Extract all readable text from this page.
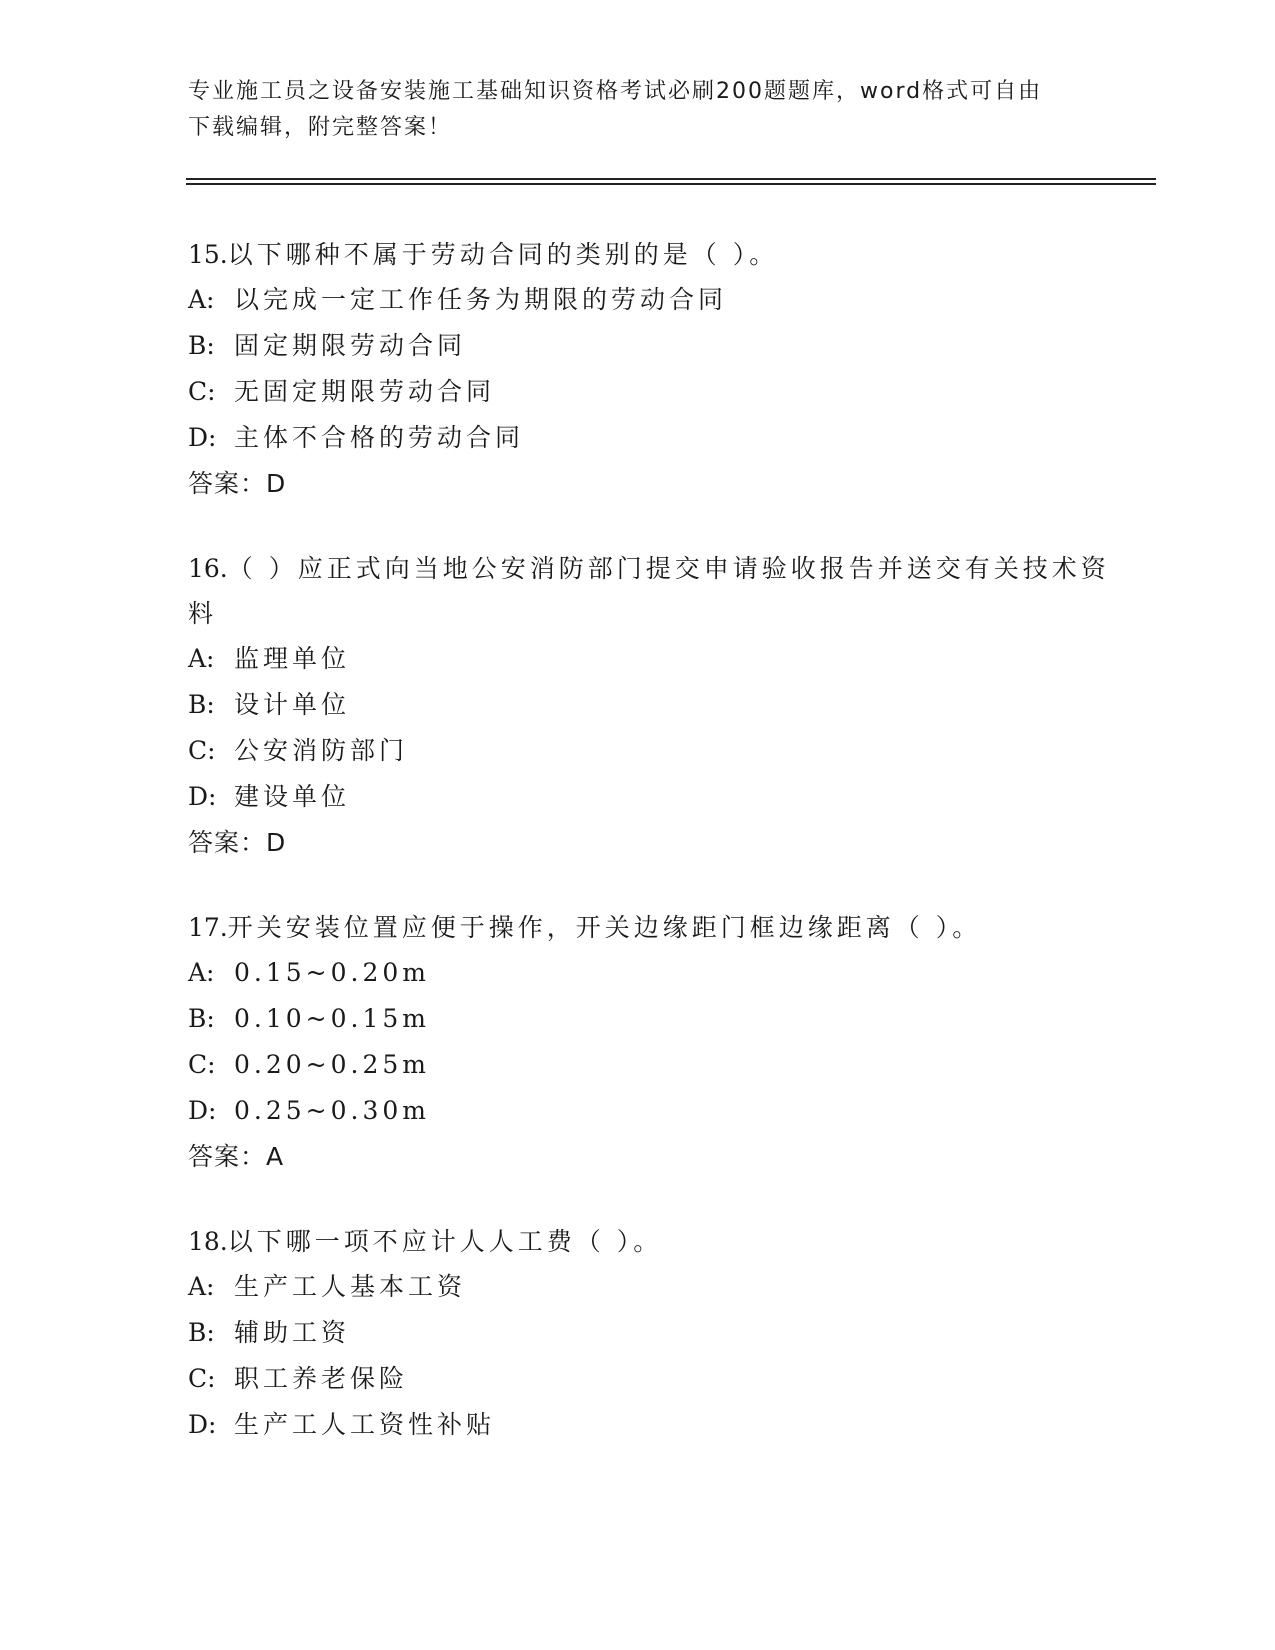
专业施工员之设备安装施工基础知识资格考试必刷200题题库，word格式可自由
下载编辑，附完整答案！
15.以下哪种不属于劳动合同的类别的是（ ）。
A: 以完成一定工作任务为期限的劳动合同
B: 固定期限劳动合同
C: 无固定期限劳动合同
D: 主体不合格的劳动合同
答案：D
16.（ ）应正式向当地公安消防部门提交申请验收报告并送交有关技术资料
A: 监理单位
B: 设计单位
C: 公安消防部门
D: 建设单位
答案：D
17.开关安装位置应便于操作，开关边缘距门框边缘距离（ ）。
A: 0.15~0.20m
B: 0.10~0.15m
C: 0.20~0.25m
D: 0.25~0.30m
答案：A
18.以下哪一项不应计人人工费（ ）。
A: 生产工人基本工资
B: 辅助工资
C: 职工养老保险
D: 生产工人工资性补贴
